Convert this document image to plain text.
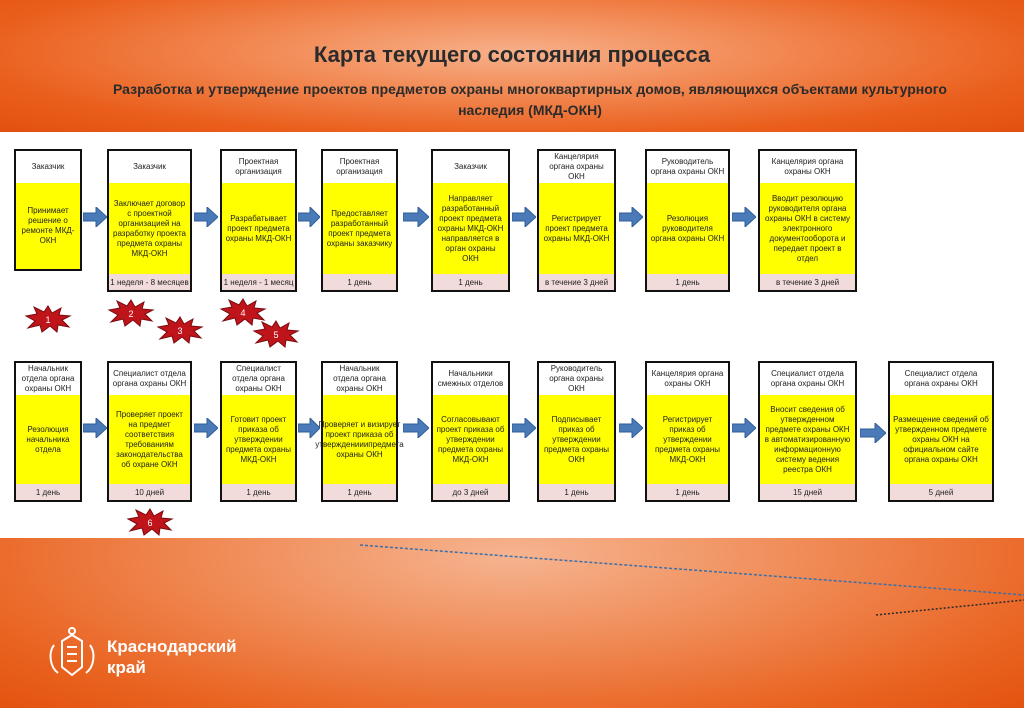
Карта текущего состояния процесса
Разработка и утверждение проектов предметов охраны многоквартирных домов, являющихся объектами культурного наследия (МКД-ОКН)
Заказчик
Принимает решение о ремонте МКД-ОКН
Заказчик
Заключает договор с проектной организацией на разработку проекта предмета охраны МКД-ОКН
1 неделя - 8 месяцев
Проектная организация
Разрабатывает проект предмета охраны МКД-ОКН
1 неделя - 1 месяц
Проектная организация
Предоставляет разработанный проект предмета охраны заказчику
1 день
Заказчик
Направляет разработанный проект предмета охраны МКД-ОКН направляется в орган охраны ОКН
1 день
Канцелярия органа охраны ОКН
Регистрирует проект предмета охраны МКД-ОКН
в течение 3 дней
Руководитель органа охраны ОКН
Резолюция руководителя органа охраны ОКН
1 день
Канцелярия органа охраны ОКН
Вводит резолюцию руководителя органа охраны ОКН в систему электронного документооборота и передает проект в отдел
в течение 3 дней
Начальник отдела органа охраны ОКН
Резолюция начальника отдела
1 день
Специалист отдела органа охраны ОКН
Проверяет проект на предмет соответствия требованиям законодательства об охране ОКН
10 дней
Специалист отдела органа охраны ОКН
Готовит проект приказа об утверждении предмета охраны МКД-ОКН
1 день
Начальник отдела органа охраны ОКН
Проверяет и визирует проект приказа об утвержденииипредмета охраны ОКН
1 день
Начальники смежных отделов
Согласовывают проект приказа об утверждении предмета охраны МКД-ОКН
до 3 дней
Руководитель органа охраны ОКН
Подписывает приказ об утверждении предмета охраны ОКН
1 день
Канцелярия органа охраны ОКН
Регистрирует приказ об утверждении предмета охраны МКД-ОКН
1 день
Специалист отдела органа охраны ОКН
Вносит сведения об утвержденном предмете охраны ОКН в автоматизированную информационную систему ведения реестра ОКН
15 дней
Специалист отдела органа охраны ОКН
Размещение сведений об утвержденном предмете охраны ОКН на официальном сайте органа охраны ОКН
5 дней
1
2
3
4
5
6
Краснодарский
край
